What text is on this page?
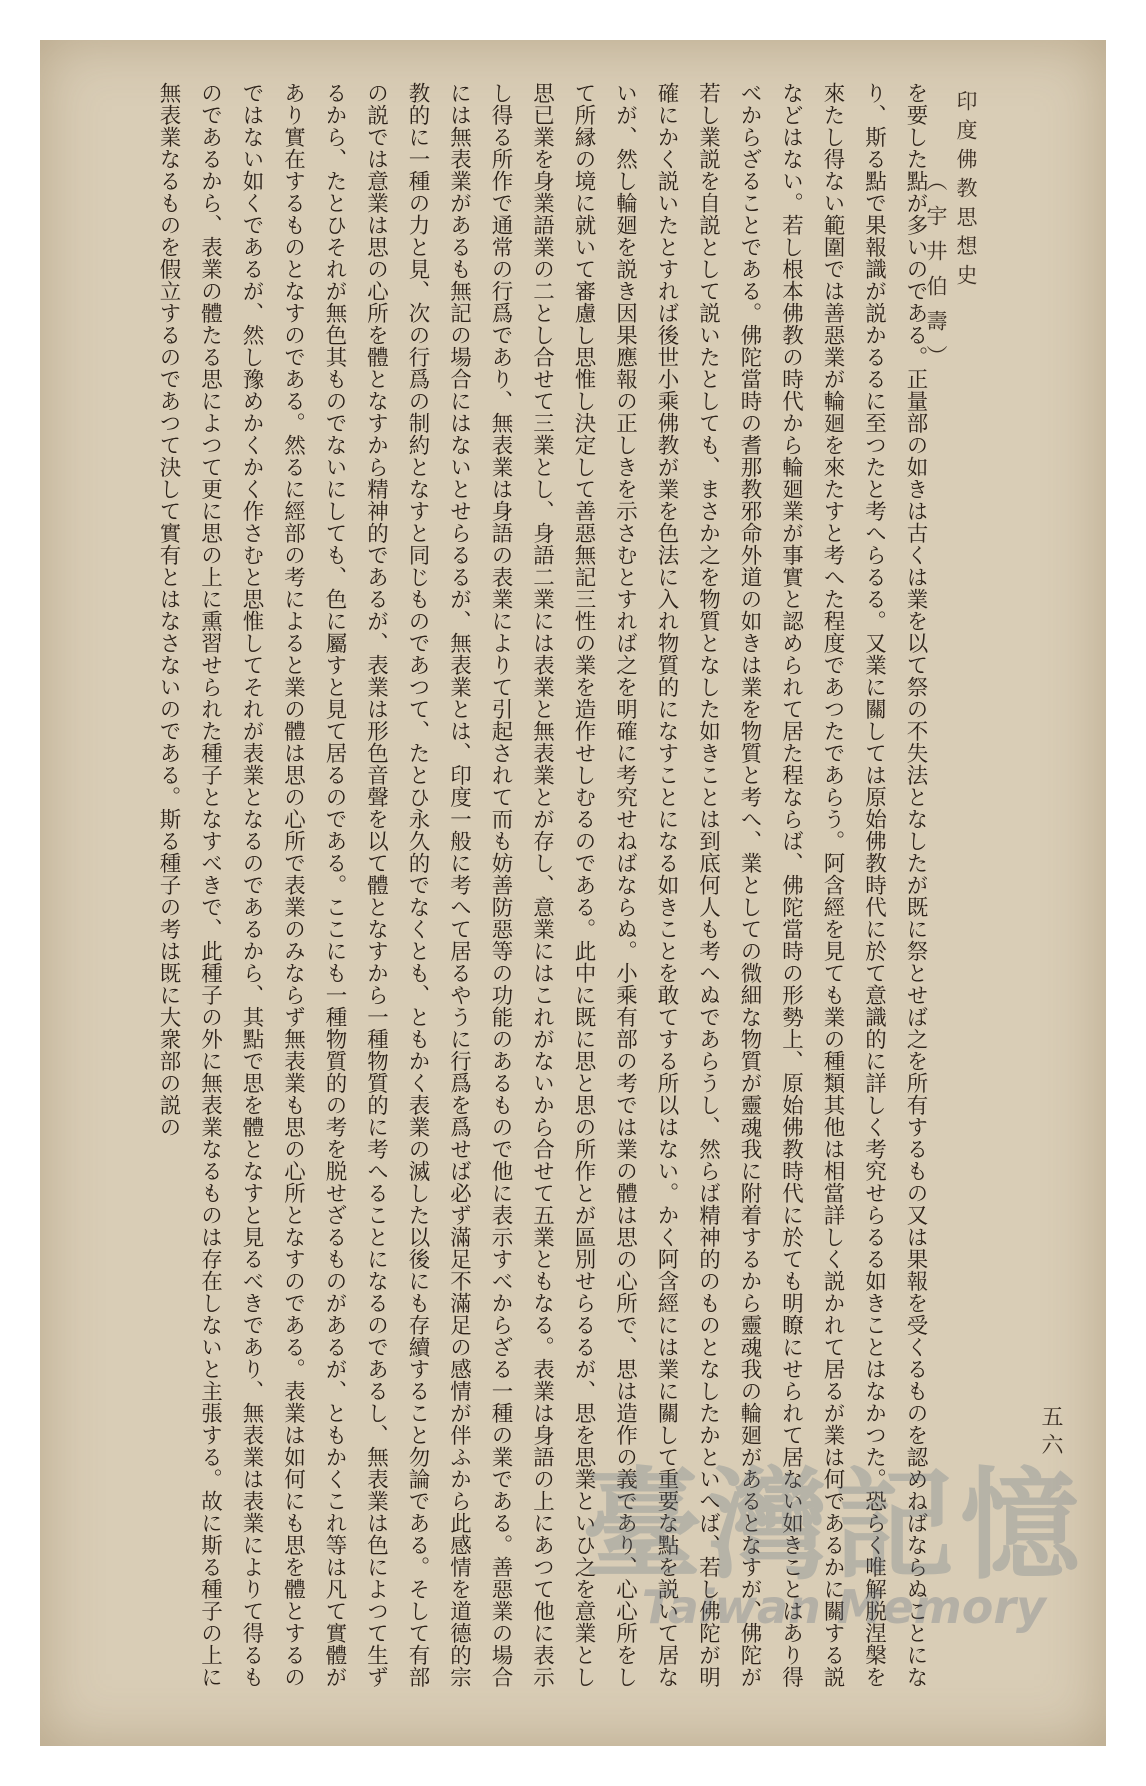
印度佛教思想史
（宇井伯壽）

を要した點が多いのである。正量部の如きは古くは業を以て祭の不失法となしたが既に祭とせば之を所有するもの又は果報を受くるものを認めねばならぬことになり、斯る點で果報識が説かるるに至つたと考へらるる。又業に關しては原始佛教時代に於て意識的に詳しく考究せらるる如きことはなかつた。恐らく唯解脱涅槃を來たし得ない範圍では善惡業が輪廻を來たすと考へた程度であつたであらう。阿含經を見ても業の種類其他は相當詳しく説かれて居るが業は何であるかに關する説などはない。若し根本佛教の時代から輪廻業が事實と認められて居た程ならば、佛陀當時の形勢上、原始佛教時代に於ても明瞭にせられて居ない如きことはあり得べからざることである。佛陀當時の耆那教邪命外道の如きは業を物質と考へ、業としての微細な物質が靈魂我に附着するから靈魂我の輪廻があるとなすが、佛陀が若し業説を自説として説いたとしても、まさか之を物質となした如きことは到底何人も考へぬであらうし、然らば精神的のものとなしたかといへば、若し佛陀が明確にかく説いたとすれば後世小乘佛教が業を色法に入れ物質的になすことになる如きことを敢てする所以はない。かく阿含經には業に關して重要な點を説いて居ないが、然し輪廻を説き因果應報の正しきを示さむとすれば之を明確に考究せねばならぬ。小乘有部の考では業の體は思の心所で、思は造作の義であり、心心所をして所縁の境に就いて審慮し思惟し決定して善惡無記三性の業を造作せしむるのである。此中に既に思と思の所作とが區別せらるるが、思を思業といひ之を意業とし思已業を身業語業の二とし合せて三業とし、身語二業には表業と無表業とが存し、意業にはこれがないから合せて五業ともなる。表業は身語の上にあつて他に表示し得る所作で通常の行爲であり、無表業は身語の表業によりて引起されて而も妨善防惡等の功能のあるもので他に表示すべからざる一種の業である。善惡業の場合には無表業があるも無記の場合にはないとせらるるが、無表業とは、印度一般に考へて居るやうに行爲を爲せば必ず滿足不滿足の感情が伴ふから此感情を道德的宗教的に一種の力と見、次の行爲の制約となすと同じものであつて、たとひ永久的でなくとも、ともかく表業の滅した以後にも存續すること勿論である。そして有部の説では意業は思の心所を體となすから精神的であるが、表業は形色音聲を以て體となすから一種物質的に考へることになるのであるし、無表業は色によつて生ずるから、たとひそれが無色其ものでないにしても、色に屬すと見て居るのである。ここにも一種物質的の考を脱せざるものがあるが、ともかくこれ等は凡て實體があり實在するものとなすのである。然るに經部の考によると業の體は思の心所で表業のみならず無表業も思の心所となすのである。表業は如何にも思を體とするのではない如くであるが、然し豫めかくかく作さむと思惟してそれが表業となるのであるから、其點で思を體となすと見るべきであり、無表業は表業によりて得るものであるから、表業の體たる思によつて更に思の上に熏習せられた種子となすべきで、此種子の外に無表業なるものは存在しないと主張する。故に斯る種子の上に無表業なるものを假立するのであつて決して實有とはなさないのである。斯る種子の考は既に大衆部の説の

五六
臺灣記憶
Taiwan Memory
